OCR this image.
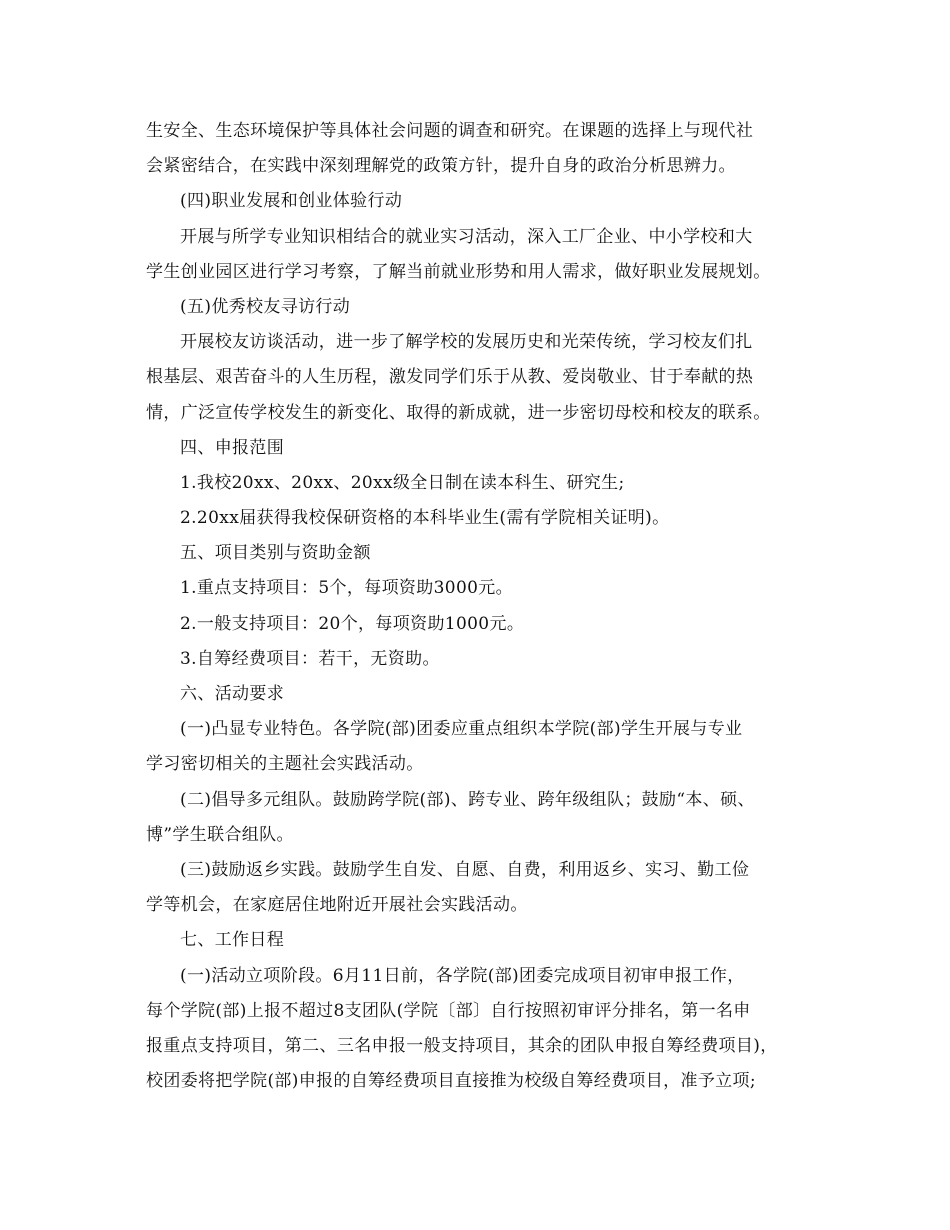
生安全、生态环境保护等具体社会问题的调查和研究。在课题的选择上与现代社
会紧密结合，在实践中深刻理解党的政策方针，提升自身的政治分析思辨力。
(四)职业发展和创业体验行动
开展与所学专业知识相结合的就业实习活动，深入工厂企业、中小学校和大
学生创业园区进行学习考察，了解当前就业形势和用人需求，做好职业发展规划。
(五)优秀校友寻访行动
开展校友访谈活动，进一步了解学校的发展历史和光荣传统，学习校友们扎
根基层、艰苦奋斗的人生历程，激发同学们乐于从教、爱岗敬业、甘于奉献的热
情，广泛宣传学校发生的新变化、取得的新成就，进一步密切母校和校友的联系。
四、申报范围
1.我校20xx、20xx、20xx级全日制在读本科生、研究生;
2.20xx届获得我校保研资格的本科毕业生(需有学院相关证明)。
五、项目类别与资助金额
1.重点支持项目：5个，每项资助3000元。
2.一般支持项目：20个，每项资助1000元。
3.自筹经费项目：若干，无资助。
六、活动要求
(一)凸显专业特色。各学院(部)团委应重点组织本学院(部)学生开展与专业
学习密切相关的主题社会实践活动。
(二)倡导多元组队。鼓励跨学院(部)、跨专业、跨年级组队；鼓励“本、硕、
博”学生联合组队。
(三)鼓励返乡实践。鼓励学生自发、自愿、自费，利用返乡、实习、勤工俭
学等机会，在家庭居住地附近开展社会实践活动。
七、工作日程
(一)活动立项阶段。6月11日前，各学院(部)团委完成项目初审申报工作，
每个学院(部)上报不超过8支团队(学院〔部〕自行按照初审评分排名，第一名申
报重点支持项目，第二、三名申报一般支持项目，其余的团队申报自筹经费项目)，
校团委将把学院(部)申报的自筹经费项目直接推为校级自筹经费项目，准予立项;
